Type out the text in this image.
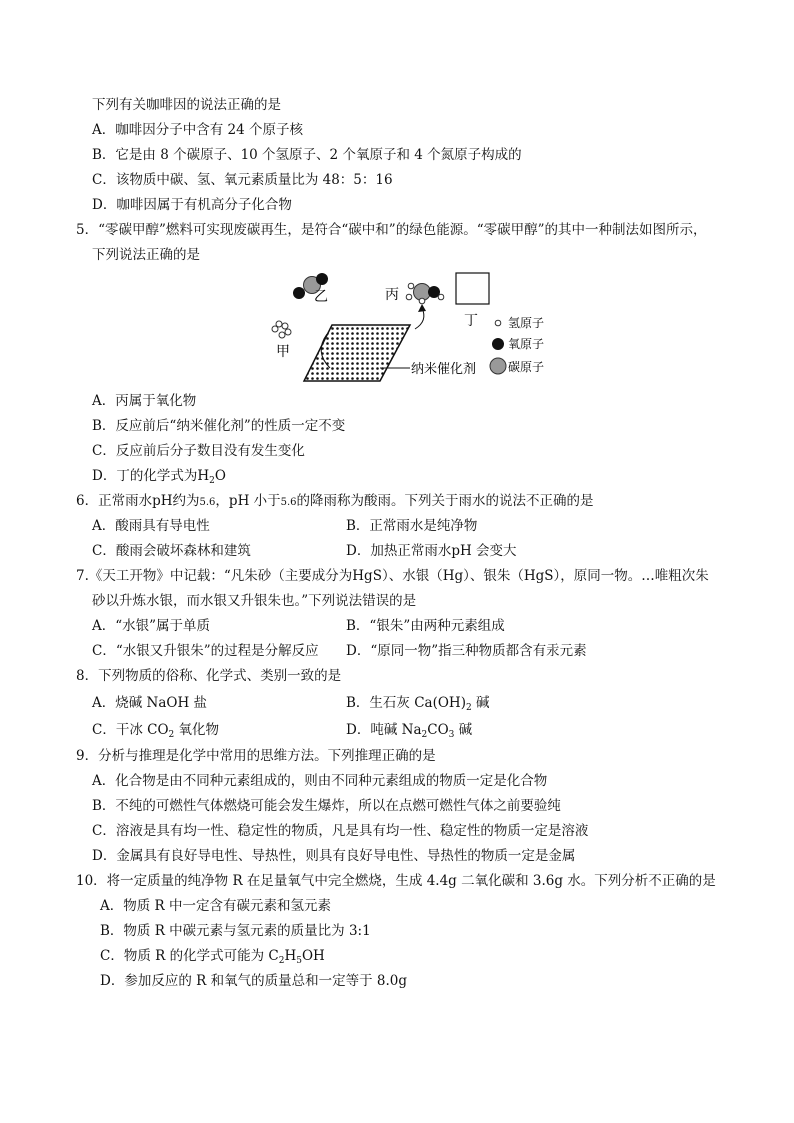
下列有关咖啡因的说法正确的是
A．咖啡因分子中含有 24 个原子核
B．它是由 8 个碳原子、10 个氢原子、2 个氧原子和 4 个氮原子构成的
C．该物质中碳、氢、氧元素质量比为 48：5：16
D．咖啡因属于有机高分子化合物
5．“零碳甲醇”燃料可实现废碳再生，是符合“碳中和”的绿色能源。“零碳甲醇”的其中一种制法如图所示，
下列说法正确的是
乙
甲
纳米催化剂
丙
丁	氢原子
氧原子
碳原子
A．丙属于氧化物
B．反应前后“纳米催化剂”的性质一定不变
C．反应前后分子数目没有发生变化
D．丁的化学式为$H_2O$
6．正常雨水pH约为5.6，pH 小于5.6的降雨称为酸雨。下列关于雨水的说法不正确的是
A．酸雨具有导电性	B．正常雨水是纯净物
C．酸雨会破坏森林和建筑	D．加热正常雨水pH 会变大
7.《天工开物》中记载：“凡朱砂（主要成分为HgS）、水银（Hg）、银朱（HgS），原同一物。…唯粗次朱
砂以升炼水银，而水银又升银朱也。”下列说法错误的是
A．“水银”属于单质	B．“银朱”由两种元素组成
C．“水银又升银朱”的过程是分解反应 D．“原同一物”指三种物质都含有汞元素
8．下列物质的俗称、化学式、类别一致的是
A．烧碱 NaOH 盐	B．生石灰 $Ca(OH)_2$ 碱
C．干冰 $CO_2$ 氧化物	D．吨碱 $Na_2CO_3$ 碱
9．分析与推理是化学中常用的思维方法。下列推理正确的是
A．化合物是由不同种元素组成的，则由不同种元素组成的物质一定是化合物
B．不纯的可燃性气体燃烧可能会发生爆炸，所以在点燃可燃性气体之前要验纯
C．溶液是具有均一性、稳定性的物质，凡是具有均一性、稳定性的物质一定是溶液
D．金属具有良好导电性、导热性，则具有良好导电性、导热性的物质一定是金属
10．将一定质量的纯净物 R 在足量氧气中完全燃烧，生成 4.4g 二氧化碳和 3.6g 水。下列分析不正确的是
A．物质 R 中一定含有碳元素和氢元素
B．物质 R 中碳元素与氢元素的质量比为 3:1
C．物质 R 的化学式可能为 $C_2H_5OH$
D．参加反应的 R 和氧气的质量总和一定等于 8.0g
